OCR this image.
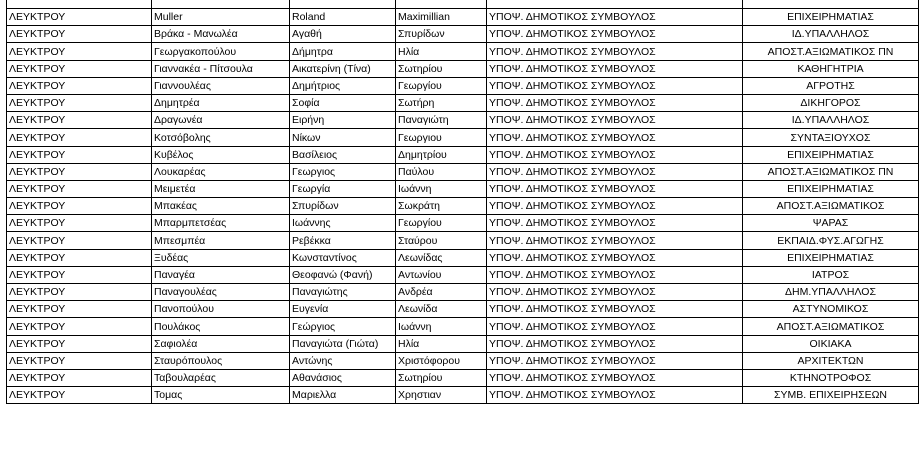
ΛΕΥΚΤΡΟΥ	Muller	Roland	Maximillian	ΥΠΟΨ. ΔΗΜΟΤΙΚΟΣ ΣΥΜΒΟΥΛΟΣ	ΕΠΙΧΕΙΡΗΜΑΤΙΑΣ
ΛΕΥΚΤΡΟΥ	Βράκα - Μανωλέα	Αγαθή	Σπυρίδων	ΥΠΟΨ. ΔΗΜΟΤΙΚΟΣ ΣΥΜΒΟΥΛΟΣ	ΙΔ.ΥΠΑΛΛΗΛΟΣ
ΛΕΥΚΤΡΟΥ	Γεωργακοπούλου	Δήμητρα	Ηλία	ΥΠΟΨ. ΔΗΜΟΤΙΚΟΣ ΣΥΜΒΟΥΛΟΣ	ΑΠΟΣΤ.ΑΞΙΩΜΑΤΙΚΟΣ ΠΝ
ΛΕΥΚΤΡΟΥ	Γιαννακέα - Πίτσουλα	Αικατερίνη (Τίνα)	Σωτηρίου	ΥΠΟΨ. ΔΗΜΟΤΙΚΟΣ ΣΥΜΒΟΥΛΟΣ	ΚΑΘΗΓΗΤΡΙΑ
ΛΕΥΚΤΡΟΥ	Γιαννουλέας	Δημήτριος	Γεωργίου	ΥΠΟΨ. ΔΗΜΟΤΙΚΟΣ ΣΥΜΒΟΥΛΟΣ	ΑΓΡΟΤΗΣ
ΛΕΥΚΤΡΟΥ	Δημητρέα	Σοφία	Σωτήρη	ΥΠΟΨ. ΔΗΜΟΤΙΚΟΣ ΣΥΜΒΟΥΛΟΣ	ΔΙΚΗΓΟΡΟΣ
ΛΕΥΚΤΡΟΥ	Δραγωνέα	Ειρήνη	Παναγιώτη	ΥΠΟΨ. ΔΗΜΟΤΙΚΟΣ ΣΥΜΒΟΥΛΟΣ	ΙΔ.ΥΠΑΛΛΗΛΟΣ
ΛΕΥΚΤΡΟΥ	Κοτσόβολης	Νίκων	Γεωργιου	ΥΠΟΨ. ΔΗΜΟΤΙΚΟΣ ΣΥΜΒΟΥΛΟΣ	ΣΥΝΤΑΞΙΟΥΧΟΣ
ΛΕΥΚΤΡΟΥ	Κυβέλος	Βασίλειος	Δημητρίου	ΥΠΟΨ. ΔΗΜΟΤΙΚΟΣ ΣΥΜΒΟΥΛΟΣ	ΕΠΙΧΕΙΡΗΜΑΤΙΑΣ
ΛΕΥΚΤΡΟΥ	Λουκαρέας	Γεωργιος	Παύλου	ΥΠΟΨ. ΔΗΜΟΤΙΚΟΣ ΣΥΜΒΟΥΛΟΣ	ΑΠΟΣΤ.ΑΞΙΩΜΑΤΙΚΟΣ ΠΝ
ΛΕΥΚΤΡΟΥ	Μειμετέα	Γεωργία	Ιωάννη	ΥΠΟΨ. ΔΗΜΟΤΙΚΟΣ ΣΥΜΒΟΥΛΟΣ	ΕΠΙΧΕΙΡΗΜΑΤΙΑΣ
ΛΕΥΚΤΡΟΥ	Μπακέας	Σπυρίδων	Σωκράτη	ΥΠΟΨ. ΔΗΜΟΤΙΚΟΣ ΣΥΜΒΟΥΛΟΣ	ΑΠΟΣΤ.ΑΞΙΩΜΑΤΙΚΟΣ
ΛΕΥΚΤΡΟΥ	Μπαρμπετσέας	Ιωάννης	Γεωργίου	ΥΠΟΨ. ΔΗΜΟΤΙΚΟΣ ΣΥΜΒΟΥΛΟΣ	ΨΑΡΑΣ
ΛΕΥΚΤΡΟΥ	Μπεσμπέα	Ρεβέκκα	Σταύρου	ΥΠΟΨ. ΔΗΜΟΤΙΚΟΣ ΣΥΜΒΟΥΛΟΣ	ΕΚΠΑΙΔ.ΦΥΣ.ΑΓΩΓΗΣ
ΛΕΥΚΤΡΟΥ	Ξυδέας	Κωνσταντίνος	Λεωνίδας	ΥΠΟΨ. ΔΗΜΟΤΙΚΟΣ ΣΥΜΒΟΥΛΟΣ	ΕΠΙΧΕΙΡΗΜΑΤΙΑΣ
ΛΕΥΚΤΡΟΥ	Παναγέα	Θεοφανώ (Φανή)	Αντωνίου	ΥΠΟΨ. ΔΗΜΟΤΙΚΟΣ ΣΥΜΒΟΥΛΟΣ	ΙΑΤΡΟΣ
ΛΕΥΚΤΡΟΥ	Παναγουλέας	Παναγιώτης	Ανδρέα	ΥΠΟΨ. ΔΗΜΟΤΙΚΟΣ ΣΥΜΒΟΥΛΟΣ	ΔΗΜ.ΥΠΑΛΛΗΛΟΣ
ΛΕΥΚΤΡΟΥ	Πανοπούλου	Ευγενία	Λεωνίδα	ΥΠΟΨ. ΔΗΜΟΤΙΚΟΣ ΣΥΜΒΟΥΛΟΣ	ΑΣΤΥΝΟΜΙΚΟΣ
ΛΕΥΚΤΡΟΥ	Πουλάκος	Γεώργιος	Ιωάννη	ΥΠΟΨ. ΔΗΜΟΤΙΚΟΣ ΣΥΜΒΟΥΛΟΣ	ΑΠΟΣΤ.ΑΞΙΩΜΑΤΙΚΟΣ
ΛΕΥΚΤΡΟΥ	Σαφιολέα	Παναγιώτα (Γιώτα)	Ηλία	ΥΠΟΨ. ΔΗΜΟΤΙΚΟΣ ΣΥΜΒΟΥΛΟΣ	ΟΙΚΙΑΚΑ
ΛΕΥΚΤΡΟΥ	Σταυρόπουλος	Αντώνης	Χριστόφορου	ΥΠΟΨ. ΔΗΜΟΤΙΚΟΣ ΣΥΜΒΟΥΛΟΣ	ΑΡΧΙΤΕΚΤΩΝ
ΛΕΥΚΤΡΟΥ	Ταβουλαρέας	Αθανάσιος	Σωτηρίου	ΥΠΟΨ. ΔΗΜΟΤΙΚΟΣ ΣΥΜΒΟΥΛΟΣ	ΚΤΗΝΟΤΡΟΦΟΣ
ΛΕΥΚΤΡΟΥ	Τομας	Μαριελλα	Χρηστιαν	ΥΠΟΨ. ΔΗΜΟΤΙΚΟΣ ΣΥΜΒΟΥΛΟΣ	ΣΥΜΒ. ΕΠΙΧΕΙΡΗΣΕΩΝ
